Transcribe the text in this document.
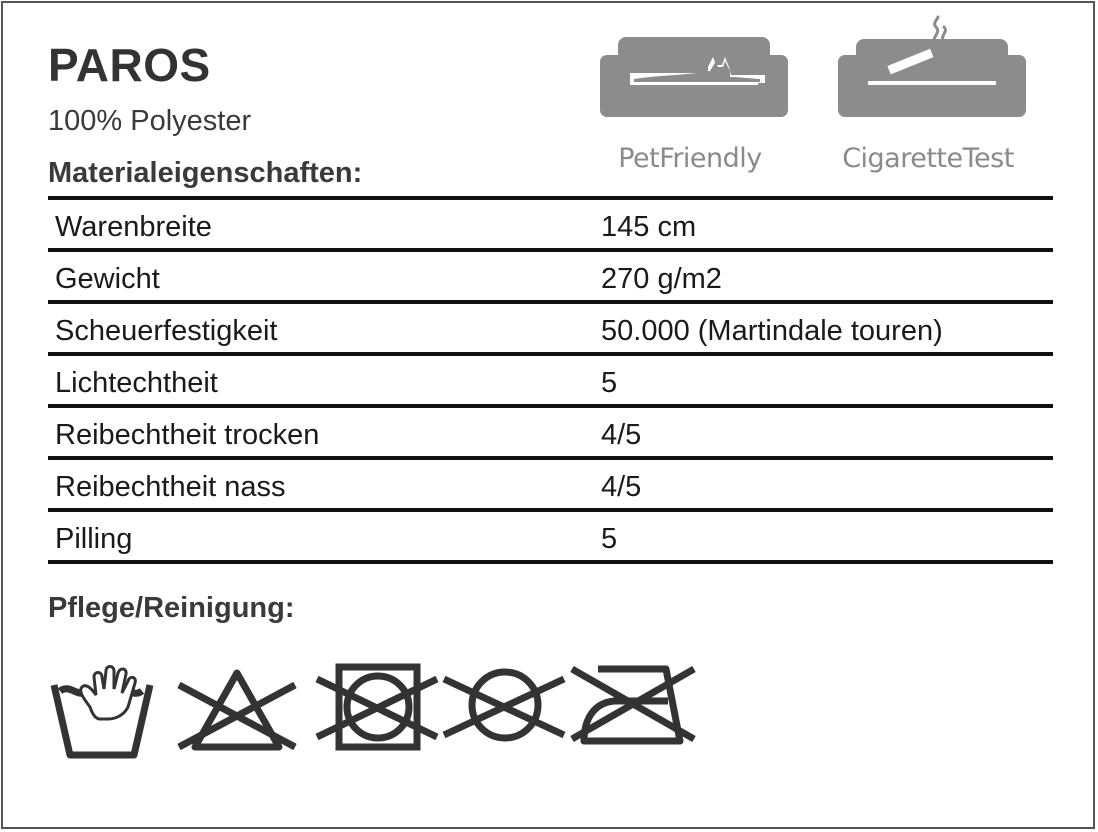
PAROS
100% Polyester
Materialeigenschaften:	PetFriendly	CigaretteTest
Warenbreite	145 cm
Gewicht	270 g/m2
Scheuerfestigkeit	50.000 (Martindale touren)
Lichtechtheit	5
Reibechtheit trocken	4/5
Reibechtheit nass	4/5
Pilling	5
Pflege/Reinigung:
